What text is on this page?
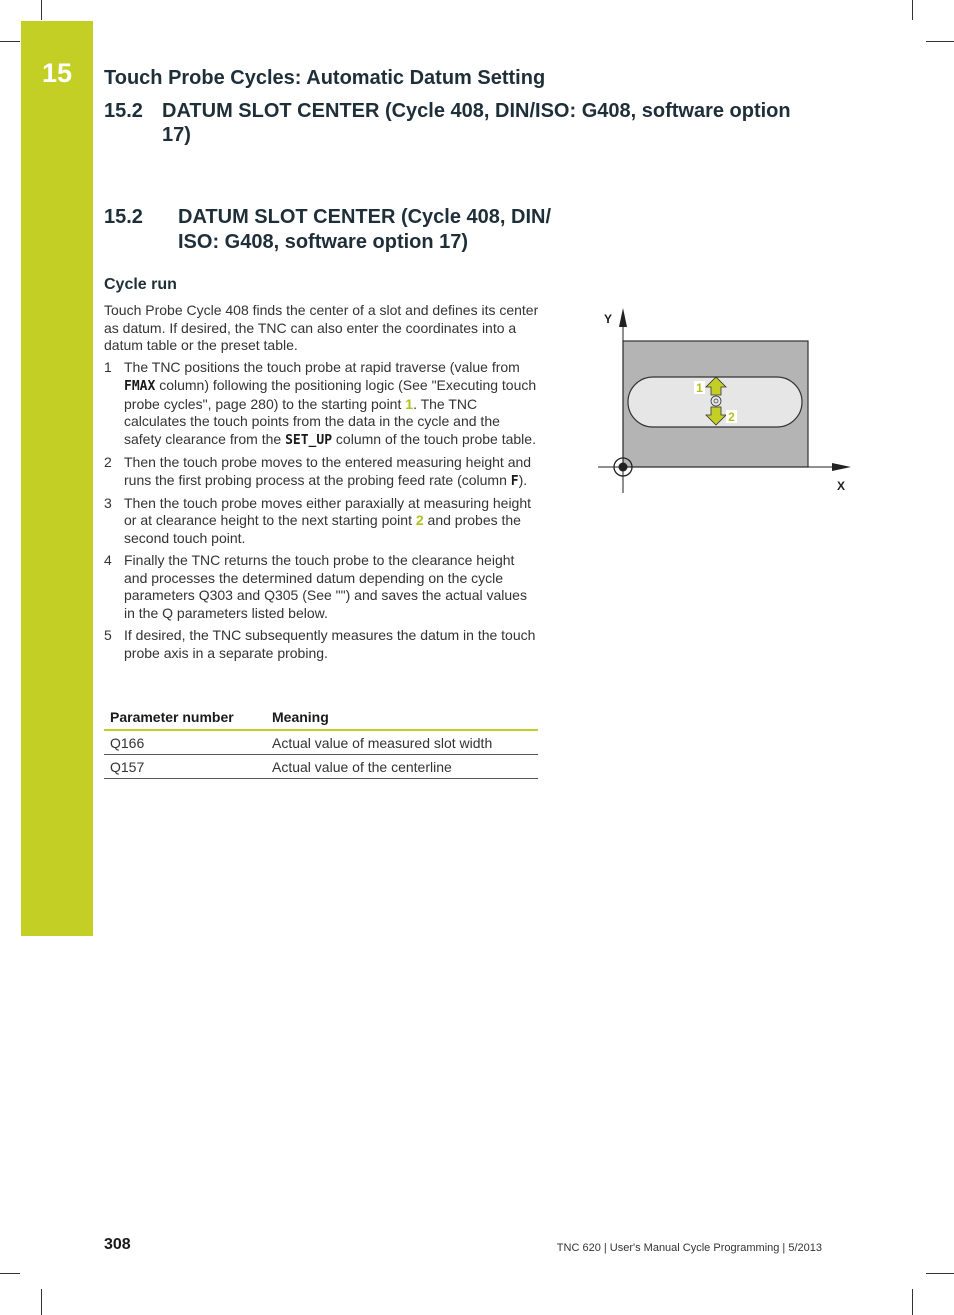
15	Touch Probe Cycles: Automatic Datum Setting
15.2 DATUM SLOT CENTER (Cycle 408, DIN/ISO: G408, software option
17)
15.2 DATUM SLOT CENTER (Cycle 408, DIN/
ISO: G408, software option 17)
Cycle run

Touch Probe Cycle 408 finds the center of a slot and defines its center as datum. If desired, the TNC can also enter the coordinates into a datum table or the preset table.

1 The TNC positions the touch probe at rapid traverse (value from FMAX column) following the positioning logic (See "Executing touch probe cycles", page 280) to the starting point 1. The TNC calculates the touch points from the data in the cycle and the safety clearance from the SET_UP column of the touch probe table.
2 Then the touch probe moves to the entered measuring height and runs the first probing process at the probing feed rate (column F).
3 Then the touch probe moves either paraxially at measuring height or at clearance height to the next starting point 2 and probes the second touch point.
4 Finally the TNC returns the touch probe to the clearance height and processes the determined datum depending on the cycle parameters Q303 and Q305 (See "") and saves the actual values in the Q parameters listed below.
5 If desired, the TNC subsequently measures the datum in the touch probe axis in a separate probing.
Parameter number	Meaning
Q166	Actual value of measured slot width
Q157	Actual value of the centerline
1
2
Y
X
308	TNC 620 | User's Manual Cycle Programming | 5/2013
